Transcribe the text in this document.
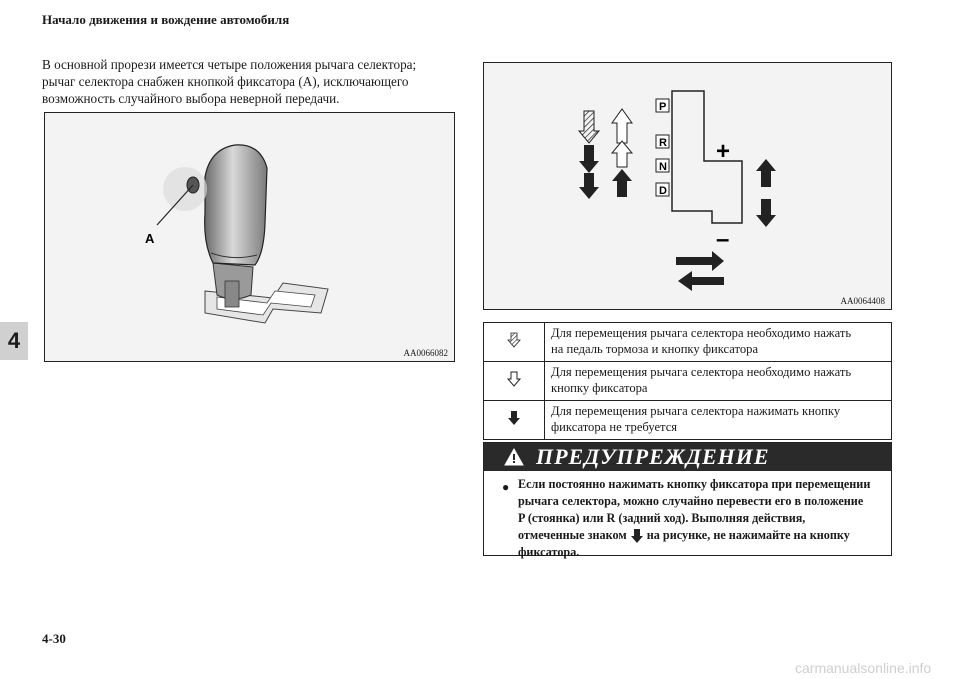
Начало движения и вождение автомобиля
В основной прорези имеется четыре положения рычага селектора;
рычаг селектора снабжен кнопкой фиксатора (A), исключающего
возможность случайного выбора неверной передачи.
4
A
AA0066082
P
R
N
D
+
–
AA0064408

Для перемещения рычага селектора необходимо нажать
на педаль тормоза и кнопку фиксатора

Для перемещения рычага селектора необходимо нажать
кнопку фиксатора

Для перемещения рычага селектора нажимать кнопку
фиксатора не требуется
ПРЕДУПРЕЖДЕНИЕ
● Если постоянно нажимать кнопку фиксатора при перемещении
рычага селектора, можно случайно перевести его в положение
P (стоянка) или R (задний ход). Выполняя действия,
отмеченные знаком на рисунке, не нажимайте на кнопку
фиксатора.
4-30
carmanualsonline.info
